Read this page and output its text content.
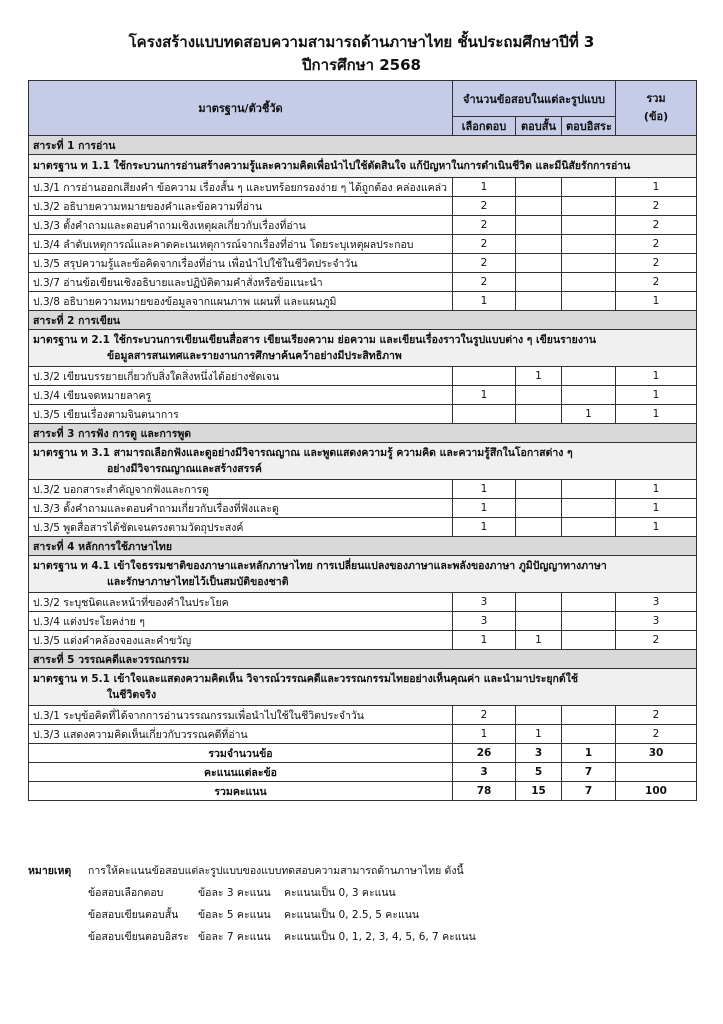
โครงสร้างแบบทดสอบความสามารถด้านภาษาไทย ชั้นประถมศึกษาปีที่ 3
ปีการศึกษา 2568
มาตรฐาน/ตัวชี้วัด	จำนวนข้อสอบในแต่ละรูปแบบ			รวม
(ข้อ)
	เลือกตอบ	ตอบสั้น	ตอบอิสระ	
สาระที่ 1 การอ่าน				
มาตรฐาน ท 1.1 ใช้กระบวนการอ่านสร้างความรู้และความคิดเพื่อนำไปใช้ตัดสินใจ แก้ปัญหาในการดำเนินชีวิต และมีนิสัยรักการอ่าน				
ป.3/1 การอ่านออกเสียงคำ ข้อความ เรื่องสั้น ๆ และบทร้อยกรองง่าย ๆ ได้ถูกต้อง คล่องแคล่ว	1			1
ป.3/2 อธิบายความหมายของคำและข้อความที่อ่าน	2			2
ป.3/3 ตั้งคำถามและตอบคำถามเชิงเหตุผลเกี่ยวกับเรื่องที่อ่าน	2			2
ป.3/4 ลำดับเหตุการณ์และคาดคะเนเหตุการณ์จากเรื่องที่อ่าน โดยระบุเหตุผลประกอบ	2			2
ป.3/5 สรุปความรู้และข้อคิดจากเรื่องที่อ่าน เพื่อนำไปใช้ในชีวิตประจำวัน	2			2
ป.3/7 อ่านข้อเขียนเชิงอธิบายและปฏิบัติตามคำสั่งหรือข้อแนะนำ	2			2
ป.3/8 อธิบายความหมายของข้อมูลจากแผนภาพ แผนที่ และแผนภูมิ	1			1
สาระที่ 2 การเขียน				
มาตรฐาน ท 2.1 ใช้กระบวนการเขียนเขียนสื่อสาร เขียนเรียงความ ย่อความ และเขียนเรื่องราวในรูปแบบต่าง ๆ เขียนรายงาน
ข้อมูลสารสนเทศและรายงานการศึกษาค้นคว้าอย่างมีประสิทธิภาพ				

ป.3/2 เขียนบรรยายเกี่ยวกับสิ่งใดสิ่งหนึ่งได้อย่างชัดเจน		1		1
ป.3/4 เขียนจดหมายลาครู	1			1
ป.3/5 เขียนเรื่องตามจินตนาการ			1	1
สาระที่ 3 การฟัง การดู และการพูด				
มาตรฐาน ท 3.1 สามารถเลือกฟังและดูอย่างมีวิจารณญาณ และพูดแสดงความรู้ ความคิด และความรู้สึกในโอกาสต่าง ๆ
อย่างมีวิจารณญาณและสร้างสรรค์				

ป.3/2 บอกสาระสำคัญจากฟังและการดู	1			1
ป.3/3 ตั้งคำถามและตอบคำถามเกี่ยวกับเรื่องที่ฟังและดู	1			1
ป.3/5 พูดสื่อสารได้ชัดเจนตรงตามวัตถุประสงค์	1			1
สาระที่ 4 หลักการใช้ภาษาไทย				
มาตรฐาน ท 4.1 เข้าใจธรรมชาติของภาษาและหลักภาษาไทย การเปลี่ยนแปลงของภาษาและพลังของภาษา ภูมิปัญญาทางภาษา
และรักษาภาษาไทยไว้เป็นสมบัติของชาติ				

ป.3/2 ระบุชนิดและหน้าที่ของคำในประโยค	3			3
ป.3/4 แต่งประโยคง่าย ๆ	3			3
ป.3/5 แต่งคำคล้องจองและคำขวัญ	1	1		2
สาระที่ 5 วรรณคดีและวรรณกรรม				
มาตรฐาน ท 5.1 เข้าใจและแสดงความคิดเห็น วิจารณ์วรรณคดีและวรรณกรรมไทยอย่างเห็นคุณค่า และนำมาประยุกต์ใช้
ในชีวิตจริง				

ป.3/1 ระบุข้อคิดที่ได้จากการอ่านวรรณกรรมเพื่อนำไปใช้ในชีวิตประจำวัน	2			2
ป.3/3 แสดงความคิดเห็นเกี่ยวกับวรรณคดีที่อ่าน	1	1		2
รวมจำนวนข้อ	26	3	1	30
คะแนนแต่ละข้อ	3	5	7	
รวมคะแนน	78	15	7	100
หมายเหตุ การให้คะแนนข้อสอบแต่ละรูปแบบของแบบทดสอบความสามารถด้านภาษาไทย ดังนี้
ข้อสอบเลือกตอบ	ข้อละ 3 คะแนน คะแนนเป็น 0, 3 คะแนน
ข้อสอบเขียนตอบสั้น ข้อละ 5 คะแนน คะแนนเป็น 0, 2.5, 5 คะแนน
ข้อสอบเขียนตอบอิสระ ข้อละ 7 คะแนน คะแนนเป็น 0, 1, 2, 3, 4, 5, 6, 7 คะแนน
